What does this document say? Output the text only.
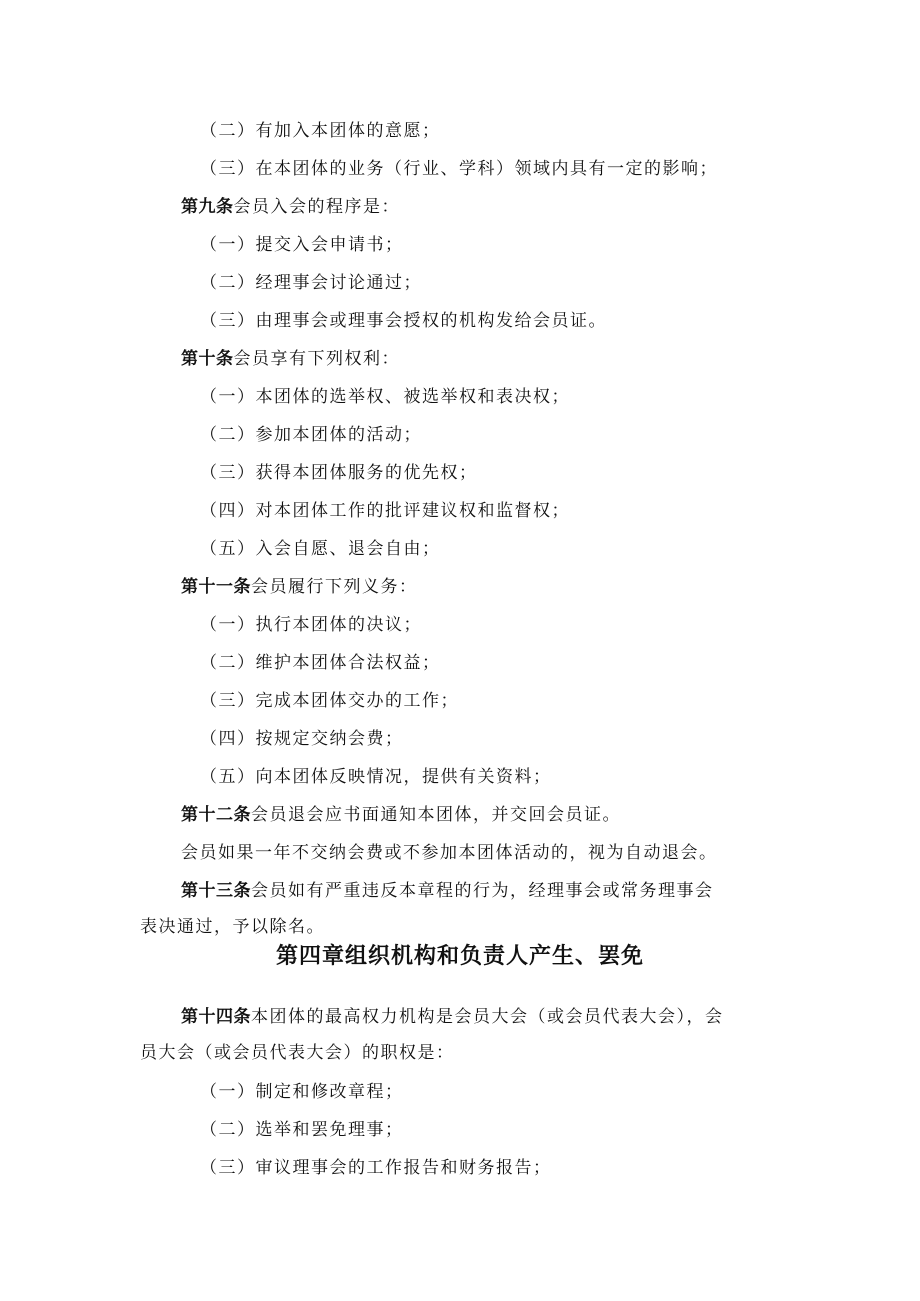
（二）有加入本团体的意愿；
（三）在本团体的业务（行业、学科）领域内具有一定的影响；
第九条会员入会的程序是：
（一）提交入会申请书；
（二）经理事会讨论通过；
（三）由理事会或理事会授权的机构发给会员证。
第十条会员享有下列权利：
（一）本团体的选举权、被选举权和表决权；
（二）参加本团体的活动；
（三）获得本团体服务的优先权；
（四）对本团体工作的批评建议权和监督权；
（五）入会自愿、退会自由；
第十一条会员履行下列义务：
（一）执行本团体的决议；
（二）维护本团体合法权益；
（三）完成本团体交办的工作；
（四）按规定交纳会费；
（五）向本团体反映情况，提供有关资料；
第十二条会员退会应书面通知本团体，并交回会员证。
会员如果一年不交纳会费或不参加本团体活动的，视为自动退会。
第十三条会员如有严重违反本章程的行为，经理事会或常务理事会
表决通过，予以除名。
第四章组织机构和负责人产生、罢免
第十四条本团体的最高权力机构是会员大会（或会员代表大会），会
员大会（或会员代表大会）的职权是：
（一）制定和修改章程；
（二）选举和罢免理事；
（三）审议理事会的工作报告和财务报告；
